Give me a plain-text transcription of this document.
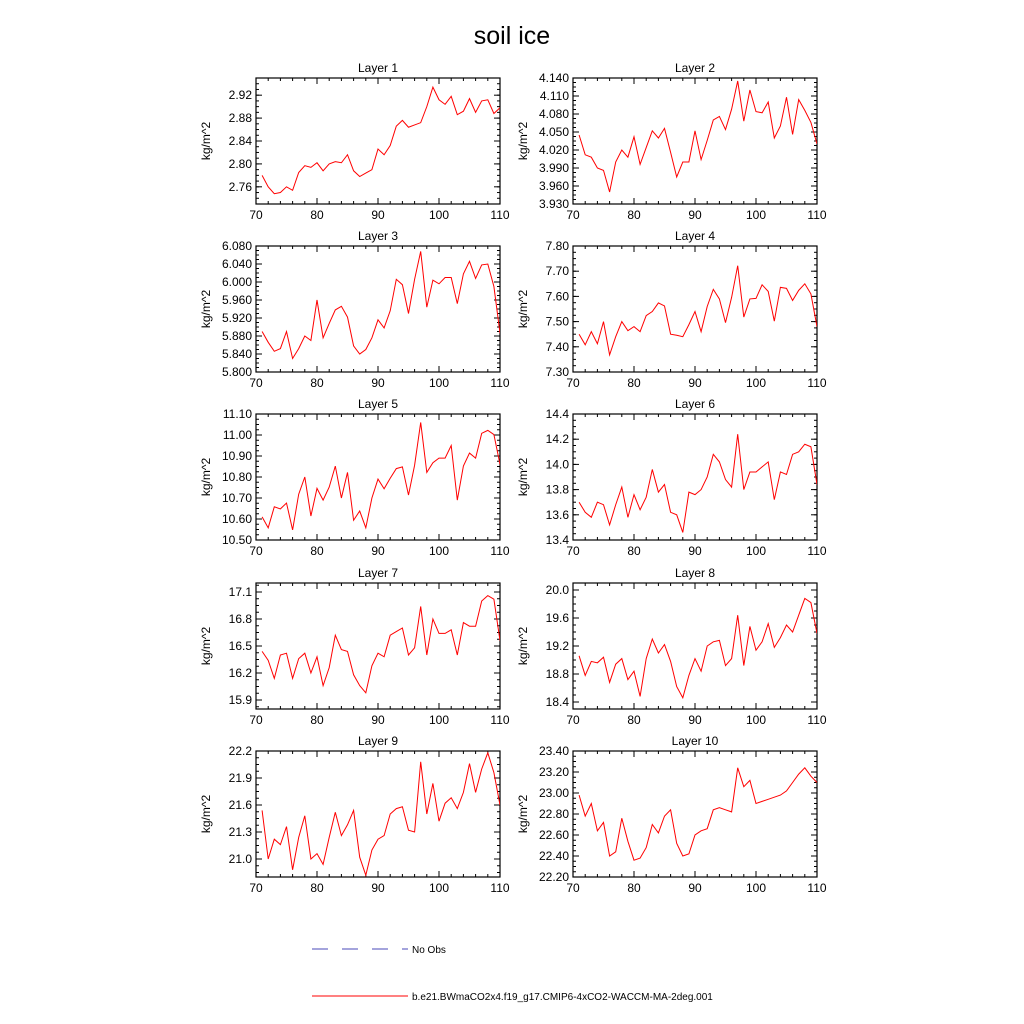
soil ice
Layer 1
70	80	90	100	110
2.76
2.80
2.84
2.88
2.92
kg/m^2
Layer 2
70	80	90	100	110
3.930
3.960
3.990
4.020
4.050
4.080
4.110
4.140
kg/m^2
Layer 3
70	80	90	100	110
5.800
5.840
5.880
5.920
5.960
6.000
6.040
6.080
kg/m^2
Layer 4
70	80	90	100	110
7.30
7.40
7.50
7.60
7.70
7.80
kg/m^2
Layer 5
70	80	90	100	110
10.50
10.60
10.70
10.80
10.90
11.00
11.10
kg/m^2
Layer 6
70	80	90	100	110
13.4
13.6
13.8
14.0
14.2
14.4
kg/m^2
Layer 7
70	80	90	100	110
15.9
16.2
16.5
16.8
17.1
kg/m^2
Layer 8
70	80	90	100	110
18.4
18.8
19.2
19.6
20.0
kg/m^2
Layer 9
70	80	90	100	110
21.0
21.3
21.6
21.9
22.2
kg/m^2
Layer 10
70	80	90	100	110
22.20
22.40
22.60
22.80
23.00
23.20
23.40
kg/m^2
No Obs
b.e21.BWmaCO2x4.f19_g17.CMIP6-4xCO2-WACCM-MA-2deg.001
